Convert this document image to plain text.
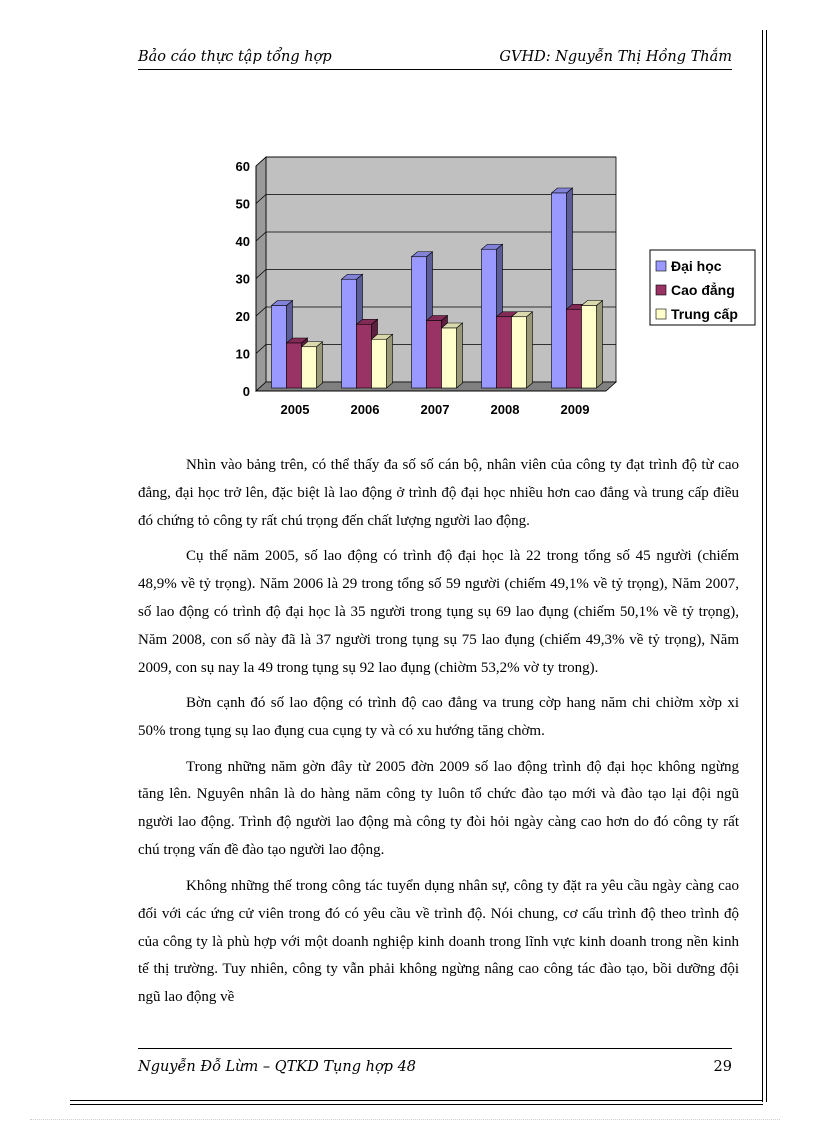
Bảo cáo thực tập tổng hợp	GVHD: Nguyễn Thị Hồng Thắm
0
10
20
30
40
50
60
2005	2006	2007	2008	2009
Đại học
Cao đẳng
Trung cấp

Nhìn vào bảng trên, có thể thấy đa số số cán bộ, nhân viên của công ty đạt trình độ từ cao đẳng, đại học trở lên, đặc biệt là lao động ở trình độ đại học nhiều hơn cao đẳng và trung cấp điều đó chứng tỏ công ty rất chú trọng đến chất lượng người lao động.

Cụ thể năm 2005, số lao động có trình độ đại học là 22 trong tổng số 45 người (chiếm 48,9% về tỷ trọng). Năm 2006 là 29 trong tổng số 59 người (chiếm 49,1% về tỷ trọng), Năm 2007, số lao động có trình độ đại học là 35 người trong tụng sụ 69 lao đụng (chiếm 50,1% về tỷ trọng), Năm 2008, con số này đã là 37 người trong tụng sụ 75 lao đụng (chiếm 49,3% về tỷ trọng), Năm 2009, con sụ nay la 49 trong tụng sụ 92 lao đụng (chiờm 53,2% vờ ty trong).

Bờn cạnh đó số lao động có trình độ cao đẳng va trung cờp hang năm chi chiờm xờp xi 50% trong tụng sụ lao đụng cua cụng ty và có xu hướng tăng chờm.

Trong những năm gờn đây từ 2005 đờn 2009 số lao động trình độ đại học không ngừng tăng lên. Nguyên nhân là do hàng năm công ty luôn tổ chức đào tạo mới và đào tạo lại đội ngũ người lao động. Trình độ người lao động mà công ty đòi hỏi ngày càng cao hơn do đó công ty rất chú trọng vấn đề đào tạo người lao động.

Không những thế trong công tác tuyển dụng nhân sự, công ty đặt ra yêu cầu ngày càng cao đối với các ứng cử viên trong đó có yêu cầu về trình độ. Nói chung, cơ cấu trình độ theo trình độ của công ty là phù hợp với một doanh nghiệp kinh doanh trong lĩnh vực kinh doanh trong nền kinh tế thị trường. Tuy nhiên, công ty vẫn phải không ngừng nâng cao công tác đào tạo, bồi dưỡng đội ngũ lao động về

Nguyễn Đỗ Lừm – QTKD Tụng hợp 48	29
